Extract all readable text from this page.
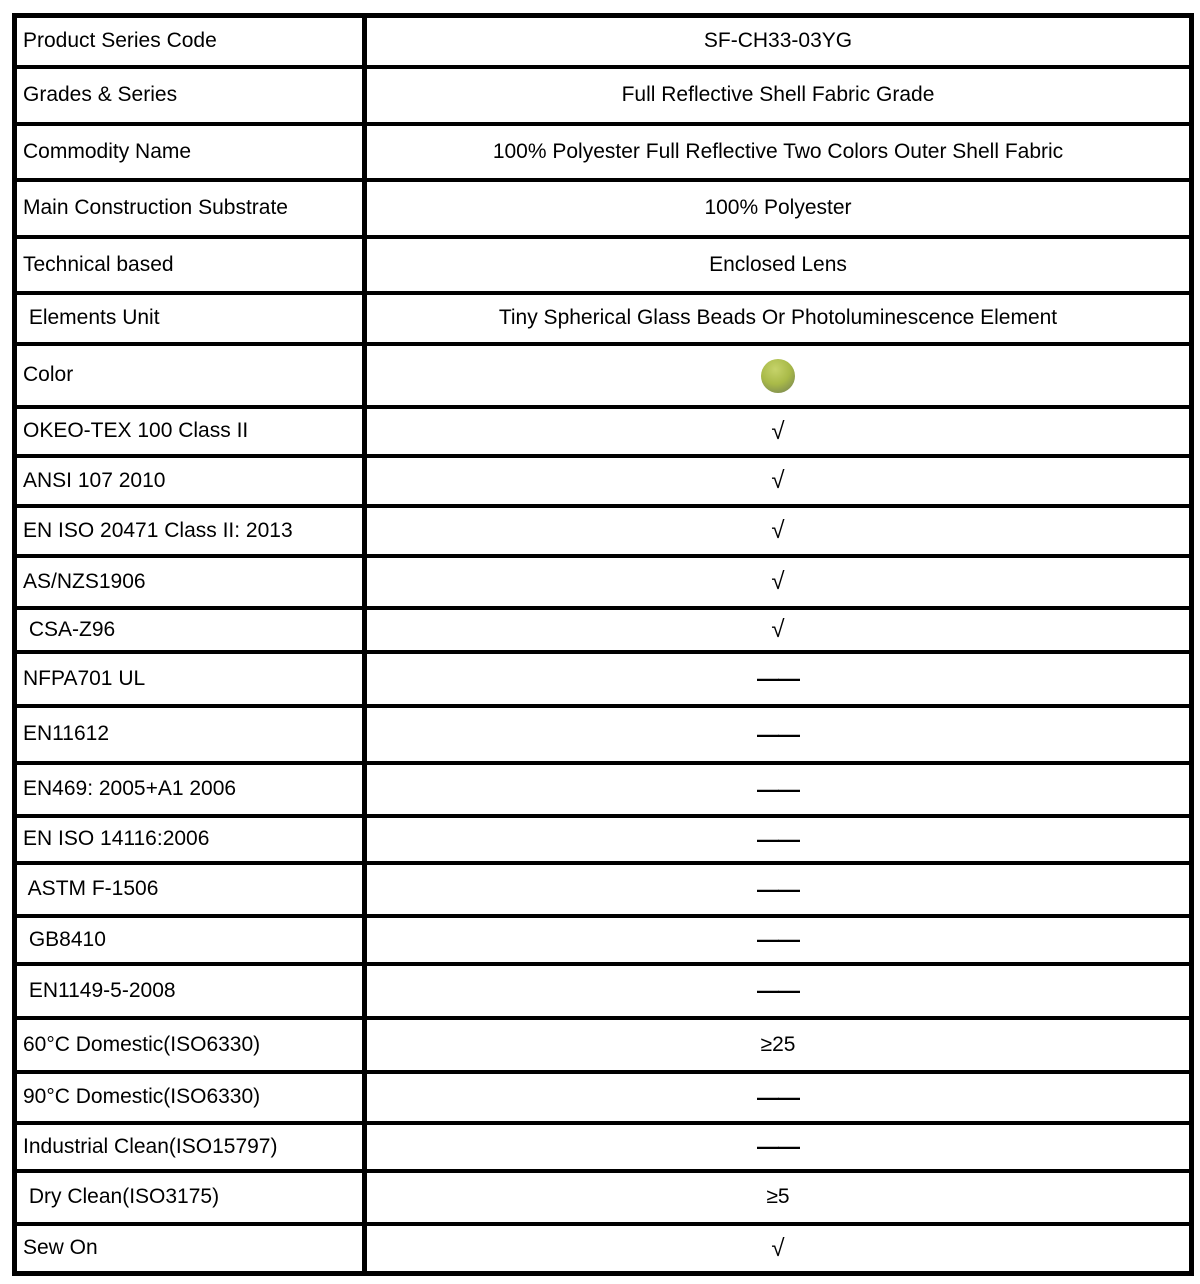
Product Series Code	SF-CH33-03YG
Grades & Series	Full Reflective Shell Fabric Grade
Commodity Name	100% Polyester Full Reflective Two Colors Outer Shell Fabric
Main Construction Substrate	100% Polyester
Technical based	Enclosed Lens
Elements Unit	Tiny Spherical Glass Beads Or Photoluminescence Element
Color
OKEO-TEX 100 Class II	√
ANSI 107 2010	√
EN ISO 20471 Class II: 2013	√
AS/NZS1906	√
CSA-Z96	√
NFPA701 UL	——
EN11612	——
EN469: 2005+A1 2006	——
EN ISO 14116:2006	——
ASTM F-1506	——
GB8410	——
EN1149-5-2008	——
60°C Domestic(ISO6330)	≥25
90°C Domestic(ISO6330)	——
Industrial Clean(ISO15797)	——
Dry Clean(ISO3175)	≥5
Sew On	√
